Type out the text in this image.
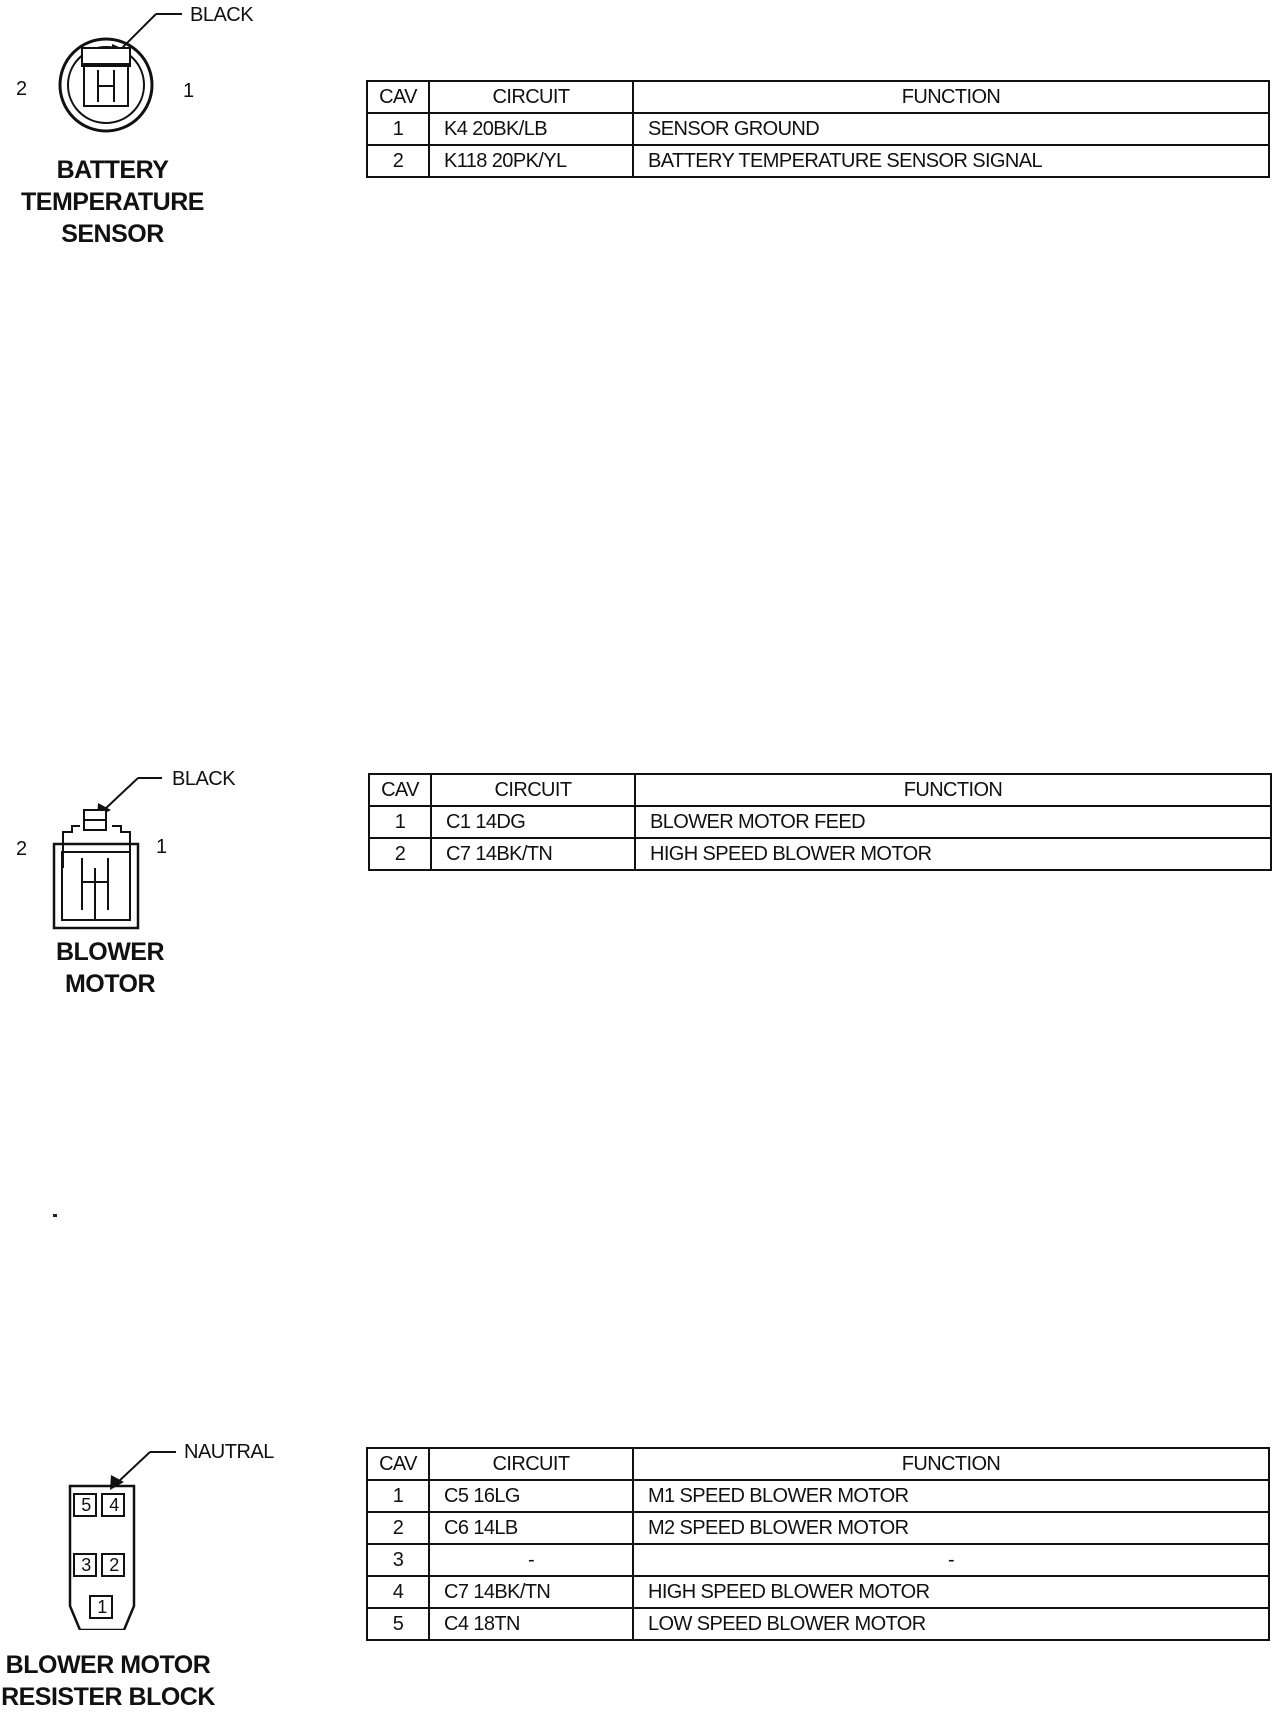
BLACK
2	1
BATTERY
TEMPERATURE
SENSOR
CAV	CIRCUIT	FUNCTION
1	K4 20BK/LB	SENSOR GROUND
2	K118 20PK/YL	BATTERY TEMPERATURE SENSOR SIGNAL
BLACK
2	1
BLOWER MOTOR
CAV	CIRCUIT	FUNCTION
1	C1 14DG	BLOWER MOTOR FEED
2	C7 14BK/TN	HIGH SPEED BLOWER MOTOR
5 4
3 2
1
NAUTRAL
BLOWER MOTOR
RESISTER BLOCK
CAV	CIRCUIT	FUNCTION
1	C5 16LG	M1 SPEED BLOWER MOTOR
2	C6 14LB	M2 SPEED BLOWER MOTOR
3	-	-
4	C7 14BK/TN	HIGH SPEED BLOWER MOTOR
5	C4 18TN	LOW SPEED BLOWER MOTOR
